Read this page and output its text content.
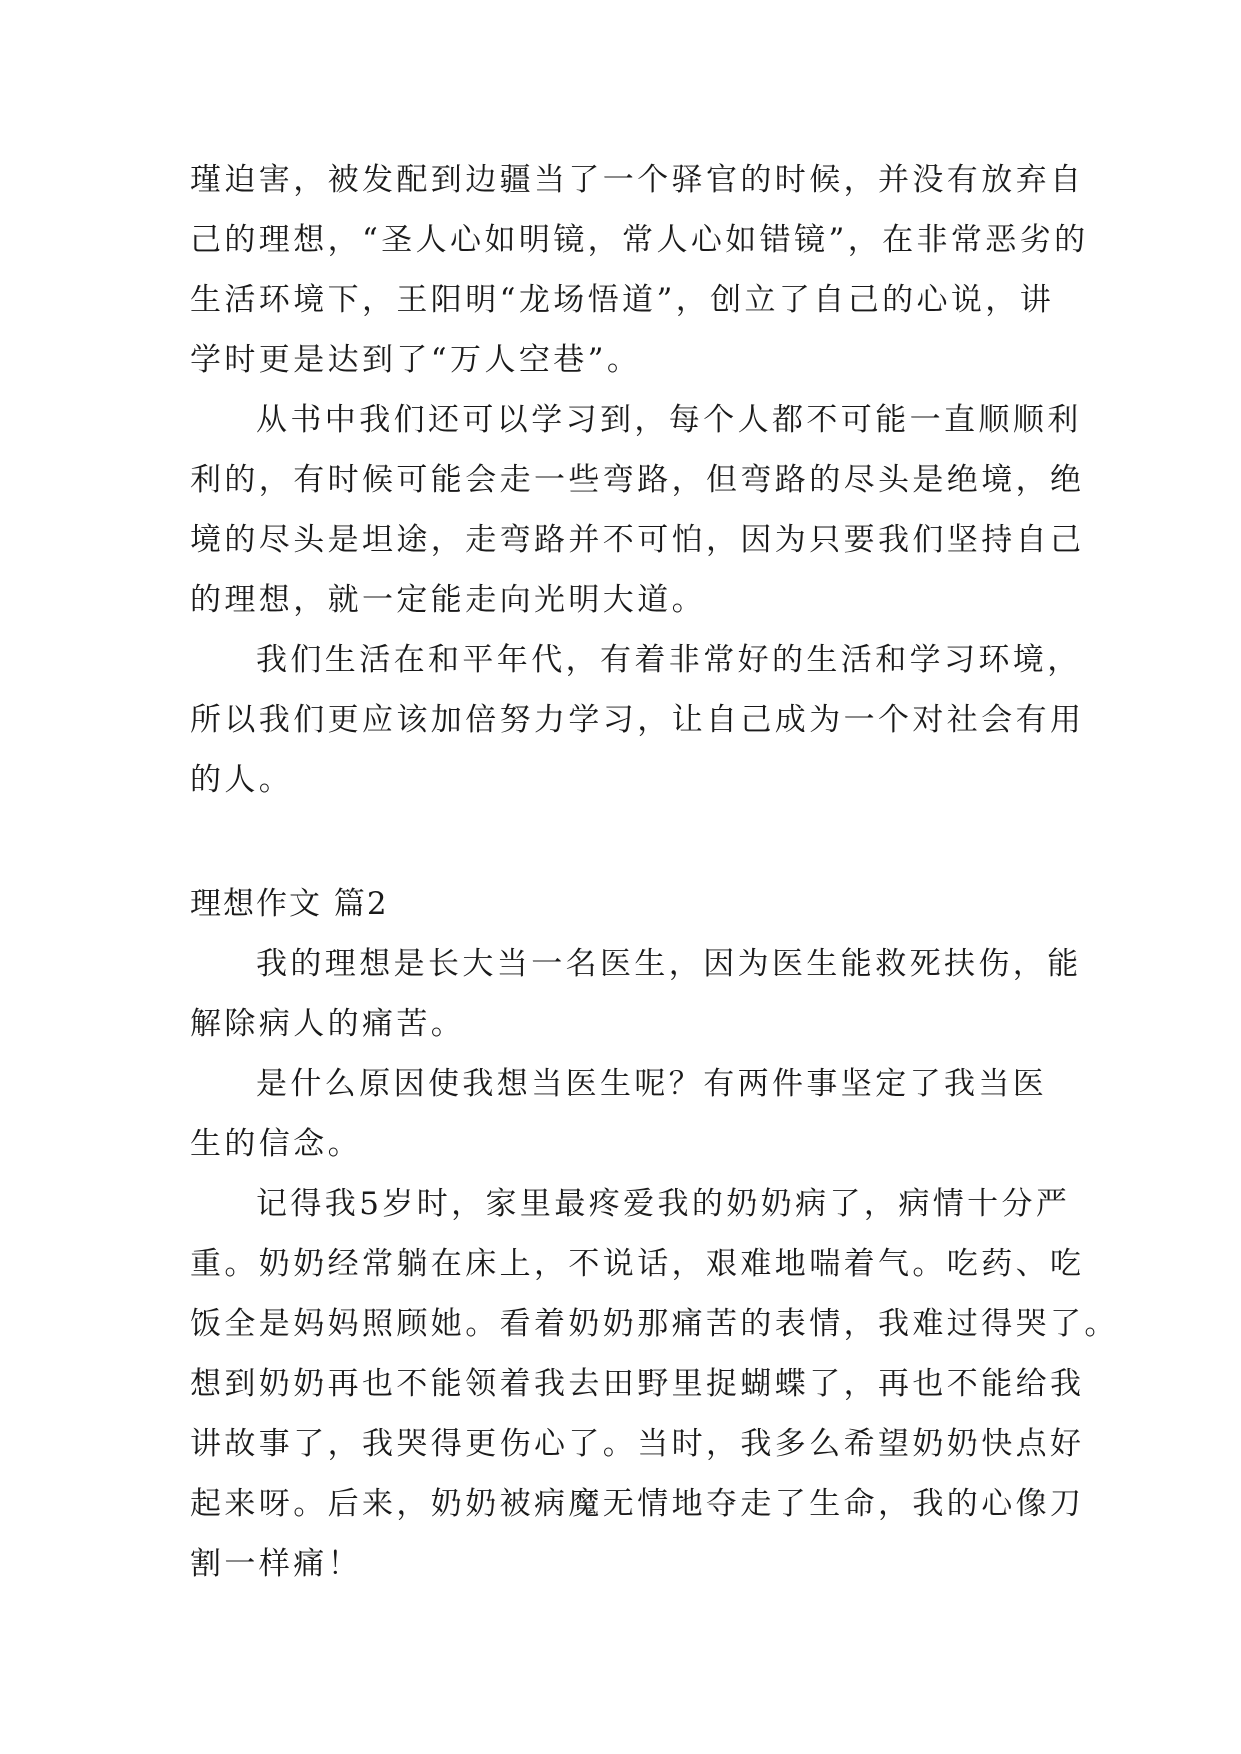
瑾迫害，被发配到边疆当了一个驿官的时候，并没有放弃自
己的理想，“圣人心如明镜，常人心如错镜”，在非常恶劣的
生活环境下，王阳明“龙场悟道”，创立了自己的心说，讲
学时更是达到了“万人空巷”。
从书中我们还可以学习到，每个人都不可能一直顺顺利
利的，有时候可能会走一些弯路，但弯路的尽头是绝境，绝
境的尽头是坦途，走弯路并不可怕，因为只要我们坚持自己
的理想，就一定能走向光明大道。
我们生活在和平年代，有着非常好的生活和学习环境，
所以我们更应该加倍努力学习，让自己成为一个对社会有用
的人。
理想作文 篇2
我的理想是长大当一名医生，因为医生能救死扶伤，能
解除病人的痛苦。
是什么原因使我想当医生呢？有两件事坚定了我当医
生的信念。
记得我5岁时，家里最疼爱我的奶奶病了，病情十分严
重。奶奶经常躺在床上，不说话，艰难地喘着气。吃药、吃
饭全是妈妈照顾她。看着奶奶那痛苦的表情，我难过得哭了。
想到奶奶再也不能领着我去田野里捉蝴蝶了，再也不能给我
讲故事了，我哭得更伤心了。当时，我多么希望奶奶快点好
起来呀。后来，奶奶被病魔无情地夺走了生命，我的心像刀
割一样痛！
